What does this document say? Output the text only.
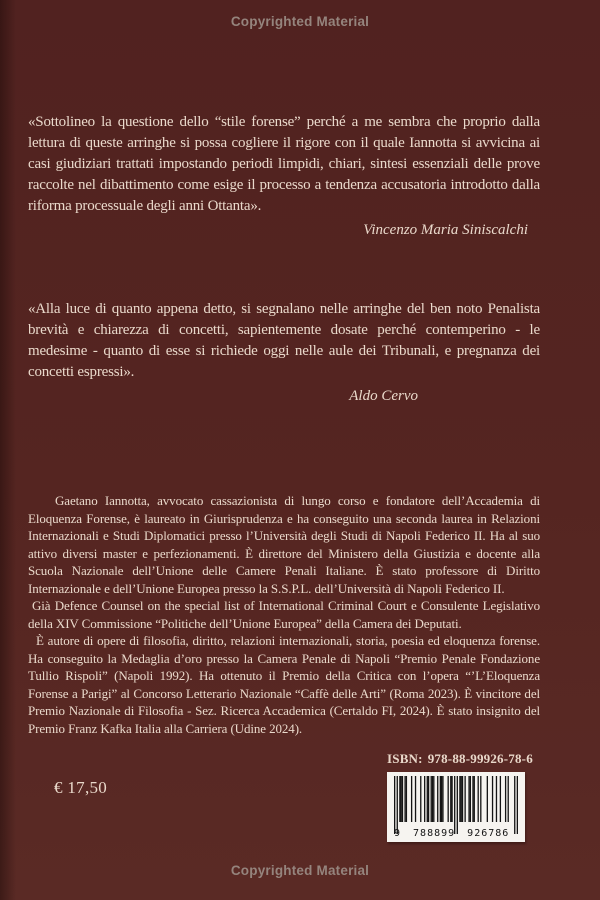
Copyrighted Material

«Sottolineo la questione dello “stile forense” perché a me sembra che proprio dalla lettura di queste arringhe si possa cogliere il rigore con il quale Iannotta si avvicina ai casi giudiziari trattati impostando periodi limpidi, chiari, sintesi essenziali delle prove raccolte nel dibattimento come esige il processo a tendenza accusatoria introdotto dalla riforma processuale degli anni Ottanta».

Vincenzo Maria Siniscalchi

«Alla luce di quanto appena detto, si segnalano nelle arringhe del ben noto Penalista brevità e chiarezza di concetti, sapientemente dosate perché contemperino - le medesime - quanto di esse si richiede oggi nelle aule dei Tribunali, e pregnanza dei concetti espressi».

Aldo Cervo

Gaetano Iannotta, avvocato cassazionista di lungo corso e fondatore dell’Accademia di Eloquenza Forense, è laureato in Giurisprudenza e ha conseguito una seconda laurea in Relazioni Internazionali e Studi Diplomatici presso l’Università degli Studi di Napoli Federico II. Ha al suo attivo diversi master e perfezionamenti. È direttore del Ministero della Giustizia e docente alla Scuola Nazionale dell’Unione delle Camere Penali Italiane. È stato professore di Diritto Internazionale e dell’Unione Europea presso la S.S.P.L. dell’Università di Napoli Federico II.

Già Defence Counsel on the special list of International Criminal Court e Consulente Legislativo della XIV Commissione “Politiche dell’Unione Europea” della Camera dei Deputati.

È autore di opere di filosofia, diritto, relazioni internazionali, storia, poesia ed eloquenza forense. Ha conseguito la Medaglia d’oro presso la Camera Penale di Napoli “Premio Penale Fondazione Tullio Rispoli” (Napoli 1992). Ha ottenuto il Premio della Critica con l’opera “’L’Eloquenza Forense a Parigi” al Concorso Letterario Nazionale “Caffè delle Arti” (Roma 2023). È vincitore del Premio Nazionale di Filosofia - Sez. Ricerca Accademica (Certaldo FI, 2024). È stato insignito del Premio Franz Kafka Italia alla Carriera (Udine 2024).

€ 17,50
ISBN: 978-88-99926-78-6
9 788899 926786
Copyrighted Material
